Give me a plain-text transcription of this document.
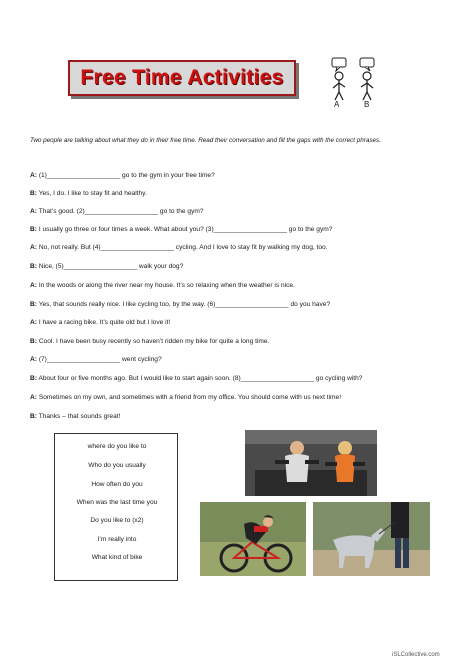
Free Time Activities
A	B
Two people are talking about what they do in their free time. Read their conversation and fill the gaps with the correct phrases.
A: (1)____________________ go to the gym in your free time?
B: Yes, I do. I like to stay fit and healthy.
A: That’s good. (2)____________________ go to the gym?
B: I usually go three or four times a week. What about you? (3)____________________ go to the gym?
A: No, not really. But (4)____________________ cycling. And I love to stay fit by walking my dog, too.
B: Nice, (5)____________________ walk your dog?
A: In the woods or along the river near my house. It’s so relaxing when the weather is nice.
B: Yes, that sounds really nice. I like cycling too, by the way. (6)____________________ do you have?
A: I have a racing bike. It’s quite old but I love it!
B: Cool. I have been busy recently so haven’t ridden my bike for quite a long time.
A: (7)____________________ went cycling?
B: About four or five months ago. But I would like to start again soon. (8)____________________ go cycling with?
A: Sometimes on my own, and sometimes with a friend from my office. You should come with us next time!
B: Thanks – that sounds great!
where do you like to
Who do you usually
How often do you
When was the last time you
Do you like to (x2)
I’m really into
What kind of bike
iSLCollective.com
